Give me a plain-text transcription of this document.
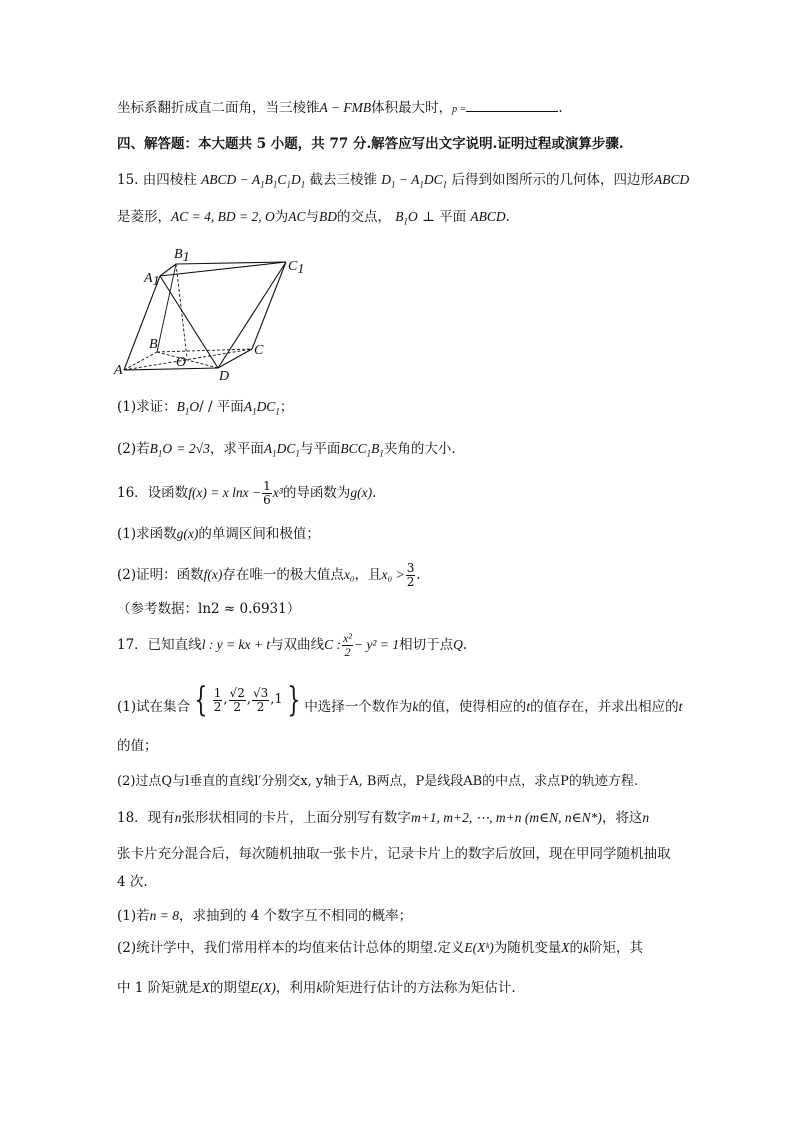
坐标系翻折成直二面角，当三棱锥A − FMB体积最大时，p =	.
四、解答题：本大题共 5 小题，共 77 分.解答应写出文字说明.证明过程或演算步骤.
15. 由四棱柱 ABCD − $A_1B_1C_1D_1$ 截去三棱锥 $D_1 - A_1DC_1$ 后得到如图所示的几何体，四边形ABCD
是菱形，AC = 4, BD = 2, O为AC与BD的交点， $B_1O$ ⊥ 平面 ABCD.
B1
C1
A1
B	C
O
A	D
(1)求证：$B_1O/$ / 平面$A_1DC_1$；
(2)若$B_1O = 2√3$，求平面$A_1DC_1$与平面$BCC_1B_1$夹角的大小.
16．设函数f(x) = x $\ln x - \frac{1}{6} x^3$的导函数为g(x).
(1)求函数g(x)的单调区间和极值；
(2)证明：函数f(x)存在唯一的极大值点x₀，且$x_0 > \frac{3}{2}$ .
（参考数据：ln2 ≈ 0.6931）
17．已知直线l : y = kx + t与双曲线C : $\frac{\text{x²}}{2} - y^2 = 1$相切于点Q.
(1)试在集合 { $\frac{1}{2}$ , $\frac{√2}{2}$ , $\frac{√3}{2}$ , 1 } 中选择一个数作为k的值，使得相应的t的值存在，并求出相应的t
的值；
(2)过点Q与l垂直的直线l′分别交x, y轴于A, B两点，P是线段AB的中点，求点P的轨迹方程.
18．现有n张形状相同的卡片，上面分别写有数字m+1, m+2, ⋯, m+n (m∈N, n∈N*)，将这n
张卡片充分混合后，每次随机抽取一张卡片，记录卡片上的数字后放回，现在甲同学随机抽取
4 次.
(1)若n = 8，求抽到的 4 个数字互不相同的概率；
(2)统计学中，我们常用样本的均值来估计总体的期望.定义E(Xᵏ)为随机变量X的k阶矩，其
中 1 阶矩就是X的期望E(X)，利用k阶矩进行估计的方法称为矩估计.
